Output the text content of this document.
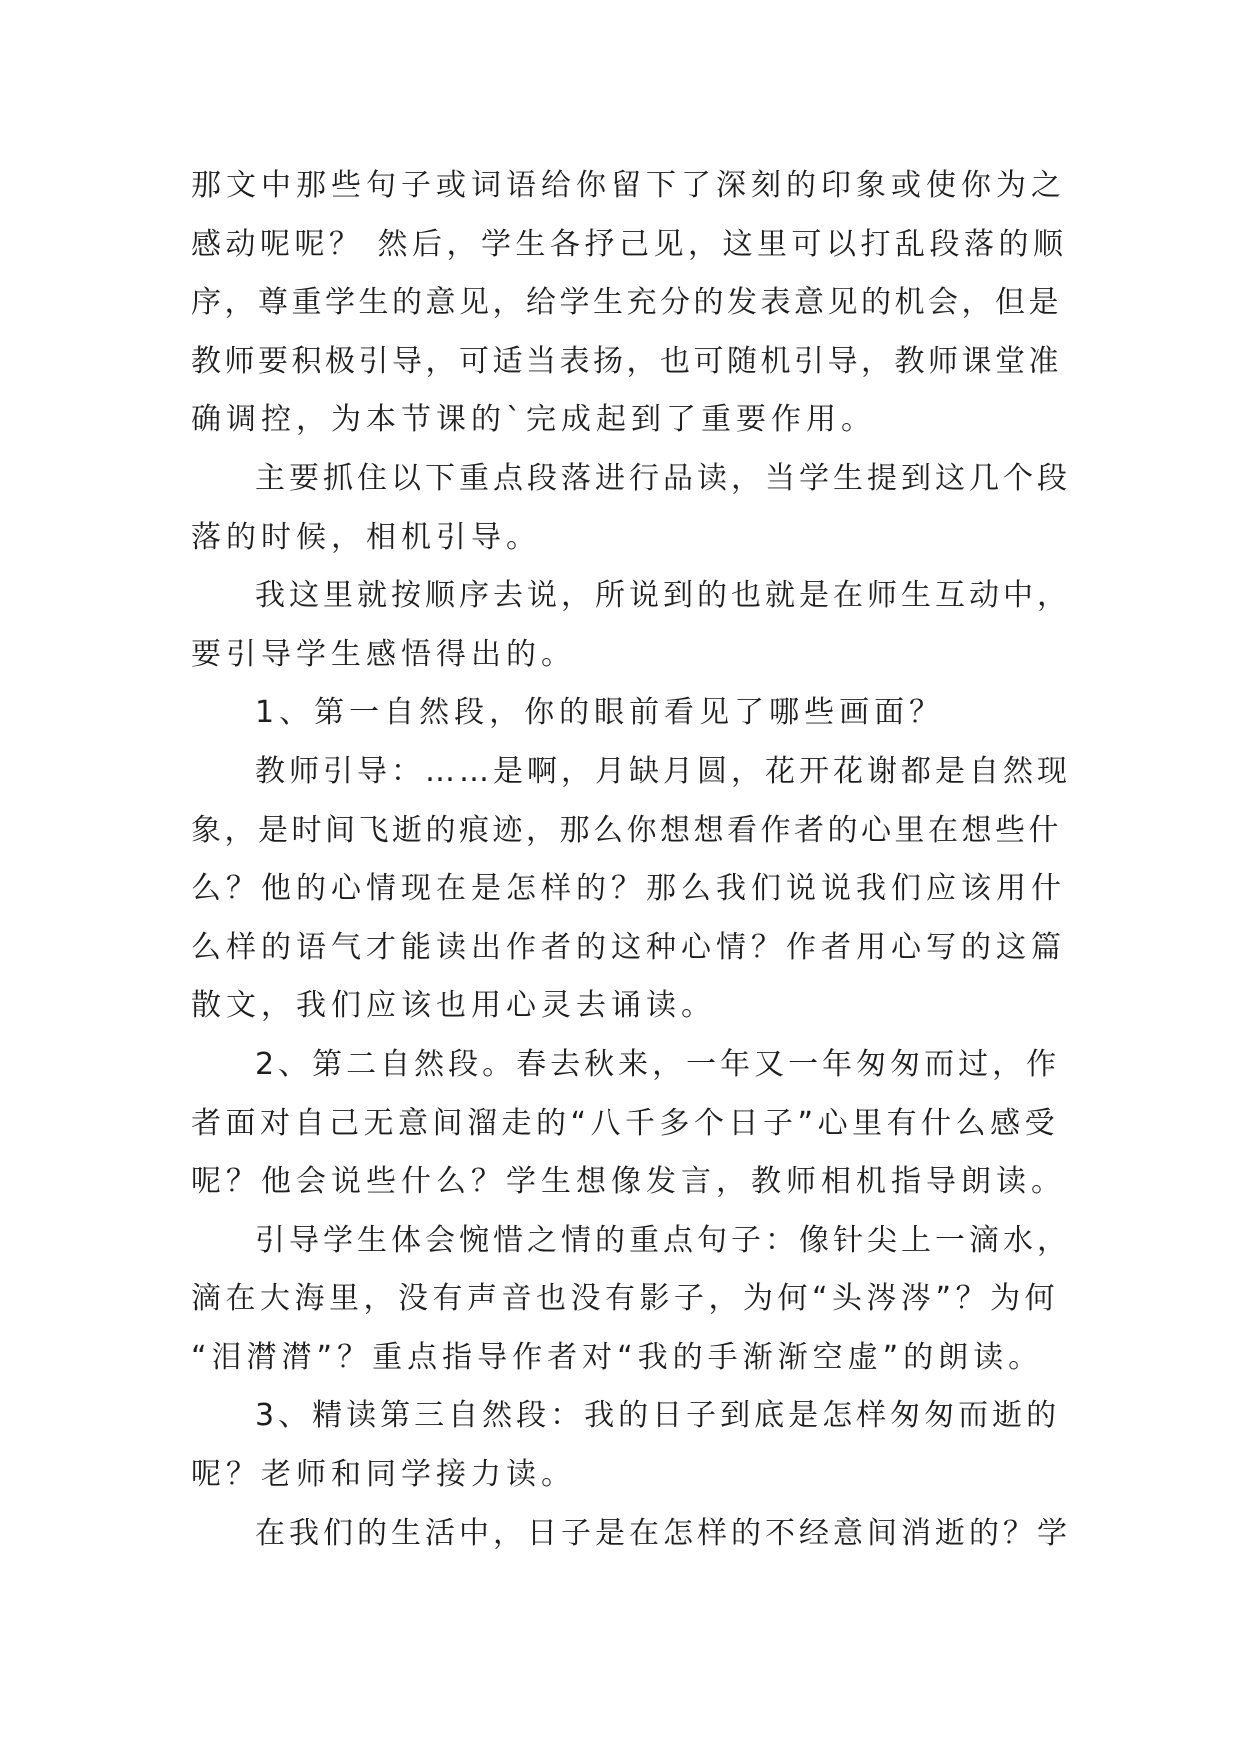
那文中那些句子或词语给你留下了深刻的印象或使你为之
感动呢呢？ 然后，学生各抒己见，这里可以打乱段落的顺
序，尊重学生的意见，给学生充分的发表意见的机会，但是
教师要积极引导，可适当表扬，也可随机引导，教师课堂准
确调控，为本节课的`完成起到了重要作用。
主要抓住以下重点段落进行品读，当学生提到这几个段
落的时候，相机引导。
我这里就按顺序去说，所说到的也就是在师生互动中，
要引导学生感悟得出的。
1、第一自然段，你的眼前看见了哪些画面？
教师引导：……是啊，月缺月圆，花开花谢都是自然现
象，是时间飞逝的痕迹，那么你想想看作者的心里在想些什
么？他的心情现在是怎样的？那么我们说说我们应该用什
么样的语气才能读出作者的这种心情？作者用心写的这篇
散文，我们应该也用心灵去诵读。
2、第二自然段。春去秋来，一年又一年匆匆而过，作
者面对自己无意间溜走的“八千多个日子”心里有什么感受
呢？他会说些什么？学生想像发言，教师相机指导朗读。
引导学生体会惋惜之情的重点句子：像针尖上一滴水，
滴在大海里，没有声音也没有影子，为何“头涔涔”？为何
“泪潸潸”？重点指导作者对“我的手渐渐空虚”的朗读。
3、精读第三自然段：我的日子到底是怎样匆匆而逝的
呢？老师和同学接力读。
在我们的生活中，日子是在怎样的不经意间消逝的？学
